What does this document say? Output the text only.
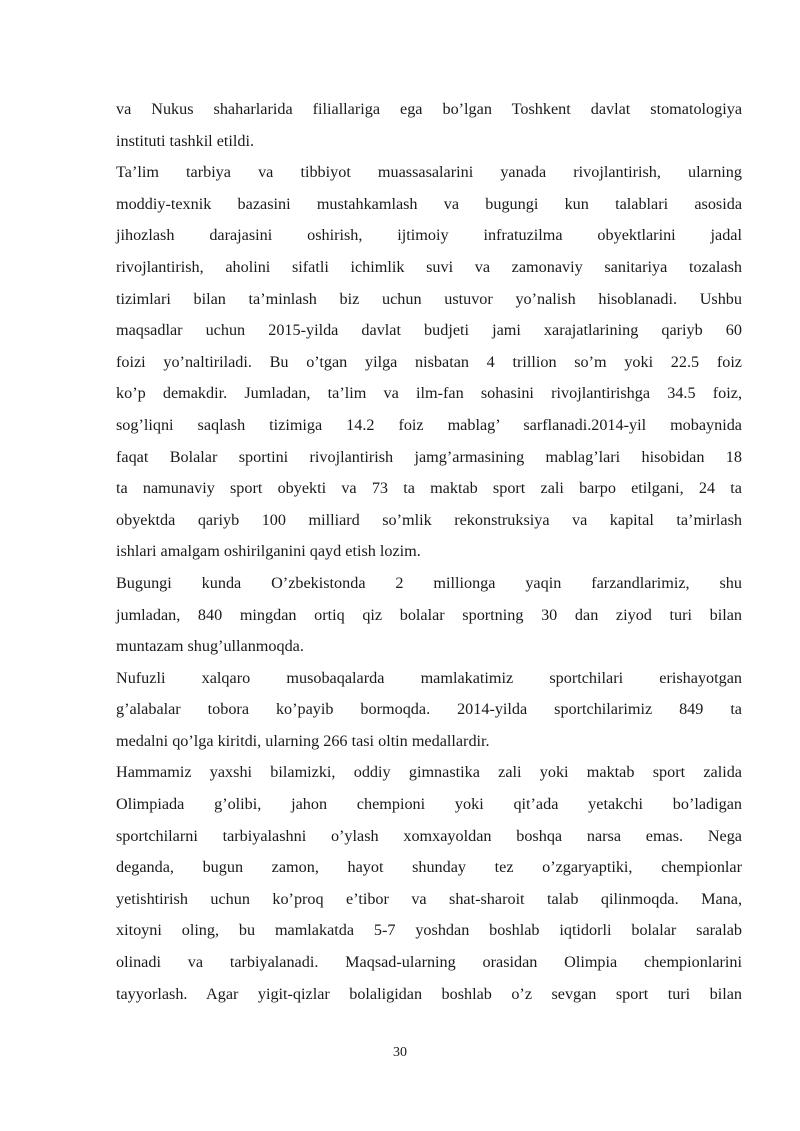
va Nukus shaharlarida filiallariga ega bo’lgan Toshkent davlat stomatologiya
instituti tashkil etildi.
Ta’lim tarbiya va tibbiyot muassasalarini yanada rivojlantirish, ularning
moddiy-texnik bazasini mustahkamlash va bugungi kun talablari asosida
jihozlash darajasini oshirish, ijtimoiy infratuzilma obyektlarini jadal
rivojlantirish, aholini sifatli ichimlik suvi va zamonaviy sanitariya tozalash
tizimlari bilan ta’minlash biz uchun ustuvor yo’nalish hisoblanadi. Ushbu
maqsadlar uchun 2015-yilda davlat budjeti jami xarajatlarining qariyb 60
foizi yo’naltiriladi. Bu o’tgan yilga nisbatan 4 trillion so’m yoki 22.5 foiz
ko’p demakdir. Jumladan, ta’lim va ilm-fan sohasini rivojlantirishga 34.5 foiz,
sog’liqni saqlash tizimiga 14.2 foiz mablag’ sarflanadi.2014-yil mobaynida
faqat Bolalar sportini rivojlantirish jamg’armasining mablag’lari hisobidan 18
ta namunaviy sport obyekti va 73 ta maktab sport zali barpo etilgani, 24 ta
obyektda qariyb 100 milliard so’mlik rekonstruksiya va kapital ta’mirlash
ishlari amalgam oshirilganini qayd etish lozim.
Bugungi kunda O’zbekistonda 2 millionga yaqin farzandlarimiz, shu
jumladan, 840 mingdan ortiq qiz bolalar sportning 30 dan ziyod turi bilan
muntazam shug’ullanmoqda.
Nufuzli xalqaro musobaqalarda mamlakatimiz sportchilari erishayotgan
g’alabalar tobora ko’payib bormoqda. 2014-yilda sportchilarimiz 849 ta
medalni qo’lga kiritdi, ularning 266 tasi oltin medallardir.
Hammamiz yaxshi bilamizki, oddiy gimnastika zali yoki maktab sport zalida
Olimpiada g’olibi, jahon chempioni yoki qit’ada yetakchi bo’ladigan
sportchilarni tarbiyalashni o’ylash xomxayoldan boshqa narsa emas. Nega
deganda, bugun zamon, hayot shunday tez o’zgaryaptiki, chempionlar
yetishtirish uchun ko’proq e’tibor va shat-sharoit talab qilinmoqda. Mana,
xitoyni oling, bu mamlakatda 5-7 yoshdan boshlab iqtidorli bolalar saralab
olinadi va tarbiyalanadi. Maqsad-ularning orasidan Olimpia chempionlarini
tayyorlash. Agar yigit-qizlar bolaligidan boshlab o’z sevgan sport turi bilan
30
